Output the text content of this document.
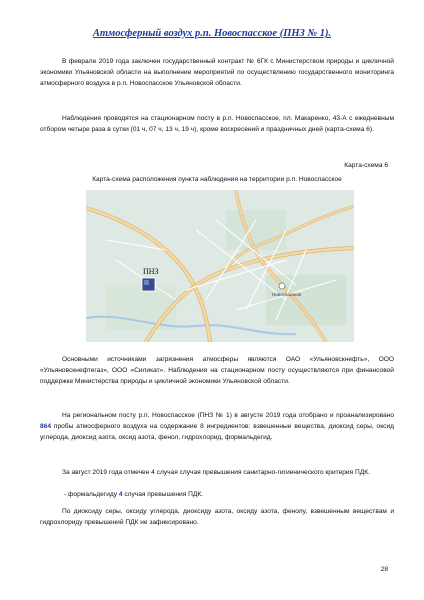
Атмосферный воздух р.п. Новоспасское (ПНЗ № 1).
В феврале 2019 года заключен государственный контракт № 6ГК с Министерством природы и цикличной экономики Ульяновской области на выполнение мероприятий по осуществлению государственного мониторинга атмосферного воздуха в р.п. Новоспасское Ульяновской области.
Наблюдения проводятся на стационарном посту в р.п. Новоспасское, пл. Макаренко, 43-А с ежедневным отбором четыре раза в сутки (01 ч, 07 ч, 13 ч, 19 ч), кроме воскресений и праздничных дней (карта-схема 6).
Карта-схема 6
Карта-схема расположения пункта наблюдения на территории р.п. Новоспасское
ПНЗ
Новоспасское
Основными источниками загрязнения атмосферы являются ОАО «Ульяновскнефть», ООО «Ульяновскнефтегаз», ООО «Силикат». Наблюдения на стационарном посту осуществляются при финансовой поддержке Министерства природы и цикличной экономики Ульяновской области.
На региональном посту р.п. Новоспасское (ПНЗ № 1) в августе 2019 года отобрано и проанализировано 864 пробы атмосферного воздуха на содержание 8 ингредиентов: взвешенные вещества, диоксид серы, оксид углерода, диоксид азота, оксид азота, фенол, гидрохлорид, формальдегид.
За август 2019 года отмечен 4 случая случая превышения санитарно-гигиенического критерия ПДК.
- формальдегиду 4 случая превышения ПДК.
По диоксиду серы, оксиду углерода, диоксиду азота, оксиду азота, фенолу, взвешенным веществам и гидрохлориду превышений ПДК не зафиксировано.
28
